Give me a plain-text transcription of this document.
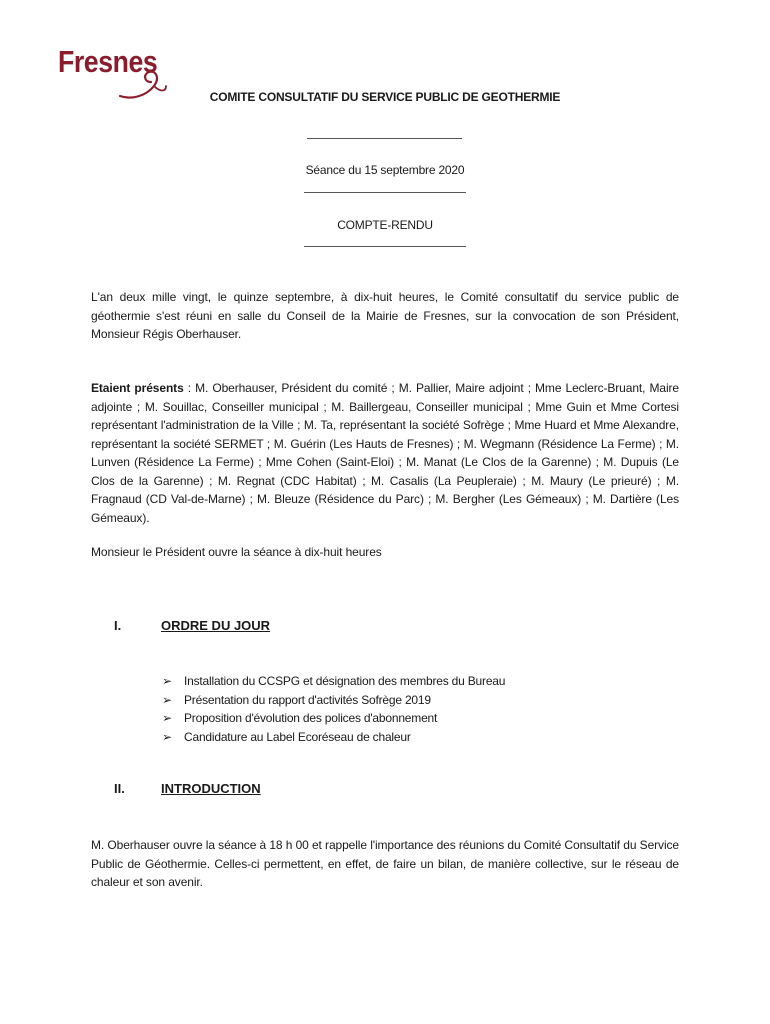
Fresnes
COMITE CONSULTATIF DU SERVICE PUBLIC DE GEOTHERMIE
Séance du 15 septembre 2020
COMPTE-RENDU
L'an deux mille vingt, le quinze septembre, à dix-huit heures, le Comité consultatif du service public de géothermie s'est réuni en salle du Conseil de la Mairie de Fresnes, sur la convocation de son Président, Monsieur Régis Oberhauser.
Etaient présents : M. Oberhauser, Président du comité ; M. Pallier, Maire adjoint ; Mme Leclerc-Bruant, Maire adjointe ; M. Souillac, Conseiller municipal ; M. Baillergeau, Conseiller municipal ; Mme Guin et Mme Cortesi représentant l'administration de la Ville ; M. Ta, représentant la société Sofrège ; Mme Huard et Mme Alexandre, représentant la société SERMET ; M. Guérin (Les Hauts de Fresnes) ; M. Wegmann (Résidence La Ferme) ; M. Lunven (Résidence La Ferme) ; Mme Cohen (Saint-Eloi) ; M. Manat (Le Clos de la Garenne) ; M. Dupuis (Le Clos de la Garenne) ; M. Regnat (CDC Habitat) ; M. Casalis (La Peupleraie) ; M. Maury (Le prieuré) ; M. Fragnaud (CD Val-de-Marne) ; M. Bleuze (Résidence du Parc) ; M. Bergher (Les Gémeaux) ; M. Dartière (Les Gémeaux).
Monsieur le Président ouvre la séance à dix-huit heures
I.	ORDRE DU JOUR
➢ Installation du CCSPG et désignation des membres du Bureau
➢ Présentation du rapport d'activités Sofrège 2019
➢ Proposition d'évolution des polices d'abonnement
➢ Candidature au Label Ecoréseau de chaleur
II.	INTRODUCTION
M. Oberhauser ouvre la séance à 18 h 00 et rappelle l'importance des réunions du Comité Consultatif du Service Public de Géothermie. Celles-ci permettent, en effet, de faire un bilan, de manière collective, sur le réseau de chaleur et son avenir.
